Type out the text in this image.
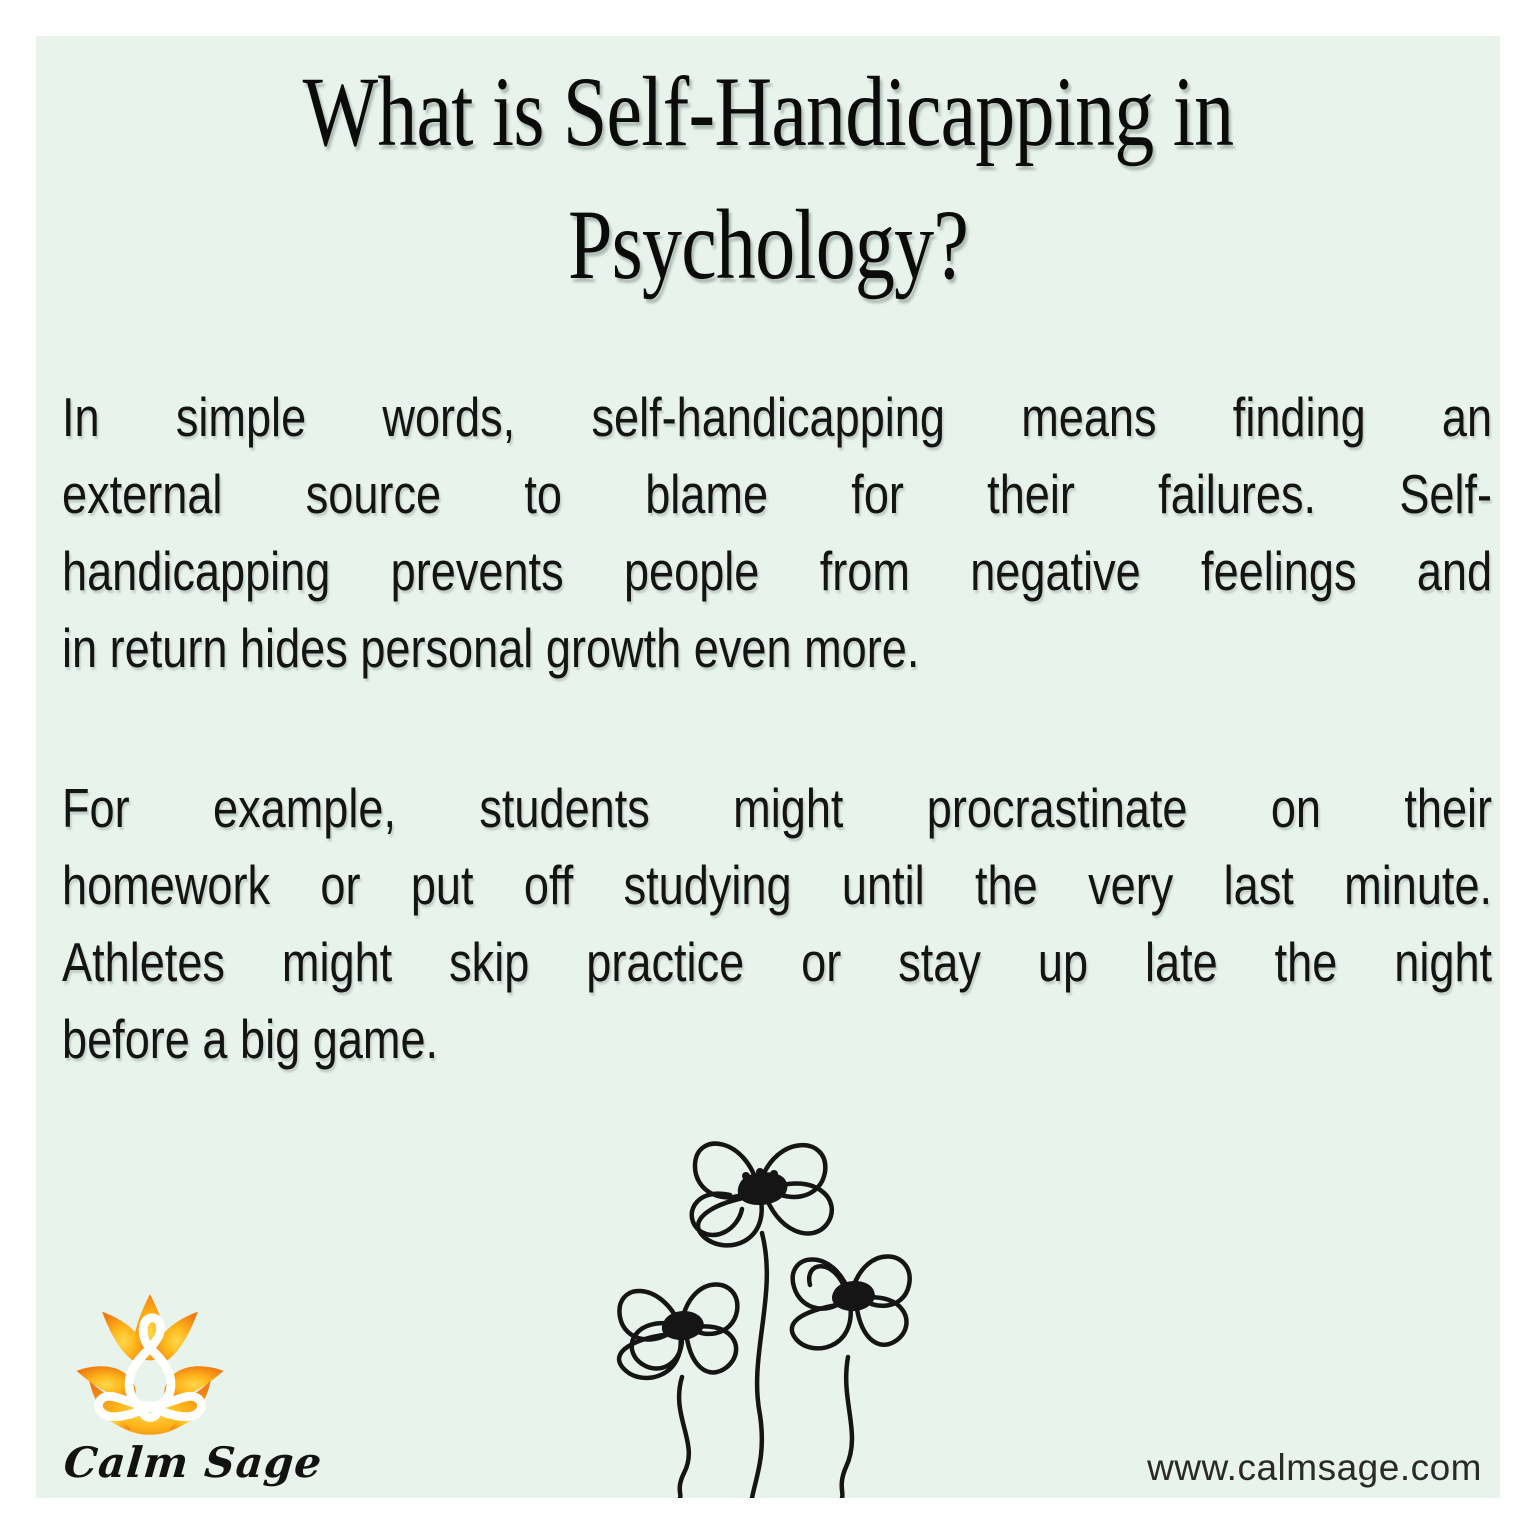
What is Self-Handicapping in
Psychology?
In simple words, self-handicapping means finding an
external source to blame for their failures. Self-
handicapping prevents people from negative feelings and
in return hides personal growth even more.
For example, students might procrastinate on their
homework or put off studying until the very last minute.
Athletes might skip practice or stay up late the night
before a big game.
Calm Sage	www.calmsage.com
